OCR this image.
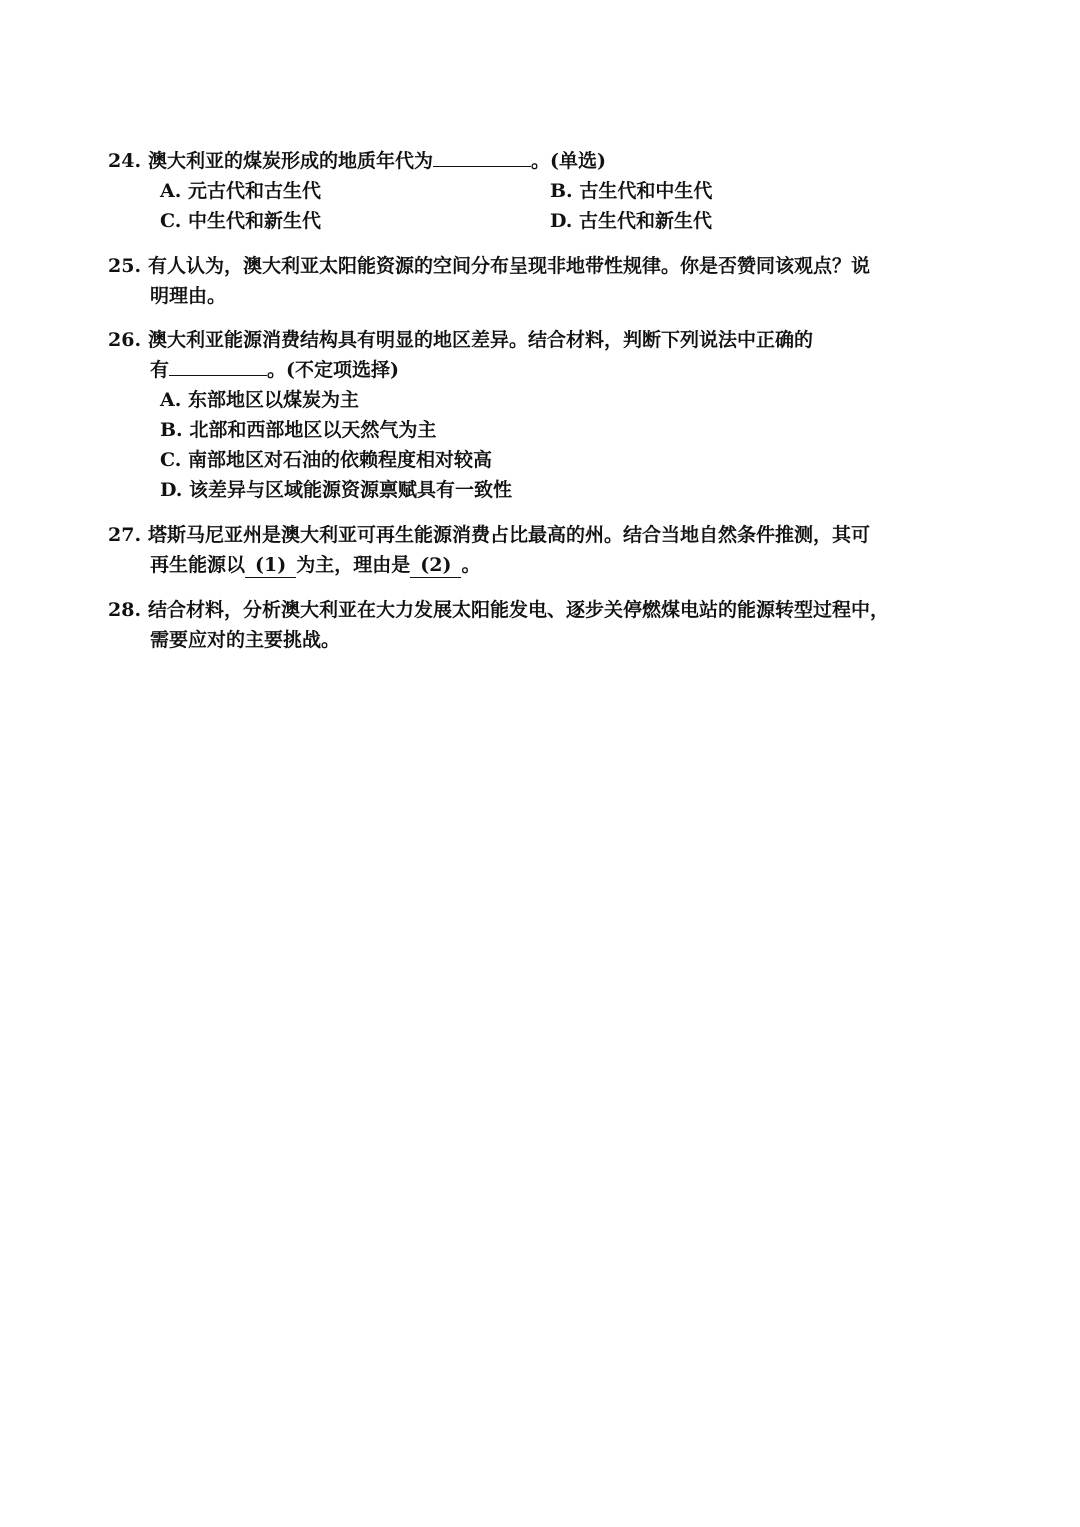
24. 澳大利亚的煤炭形成的地质年代为	。(单选)
A. 元古代和古生代	B. 古生代和中生代
C. 中生代和新生代	D. 古生代和新生代
25. 有人认为，澳大利亚太阳能资源的空间分布呈现非地带性规律。你是否赞同该观点？说
明理由。
26. 澳大利亚能源消费结构具有明显的地区差异。结合材料，判断下列说法中正确的
有	。(不定项选择)
A. 东部地区以煤炭为主
B. 北部和西部地区以天然气为主
C. 南部地区对石油的依赖程度相对较高
D. 该差异与区域能源资源禀赋具有一致性
27. 塔斯马尼亚州是澳大利亚可再生能源消费占比最高的州。结合当地自然条件推测，其可
再生能源以 (1) 为主，理由是 (2) 。
28. 结合材料，分析澳大利亚在大力发展太阳能发电、逐步关停燃煤电站的能源转型过程中，
需要应对的主要挑战。
